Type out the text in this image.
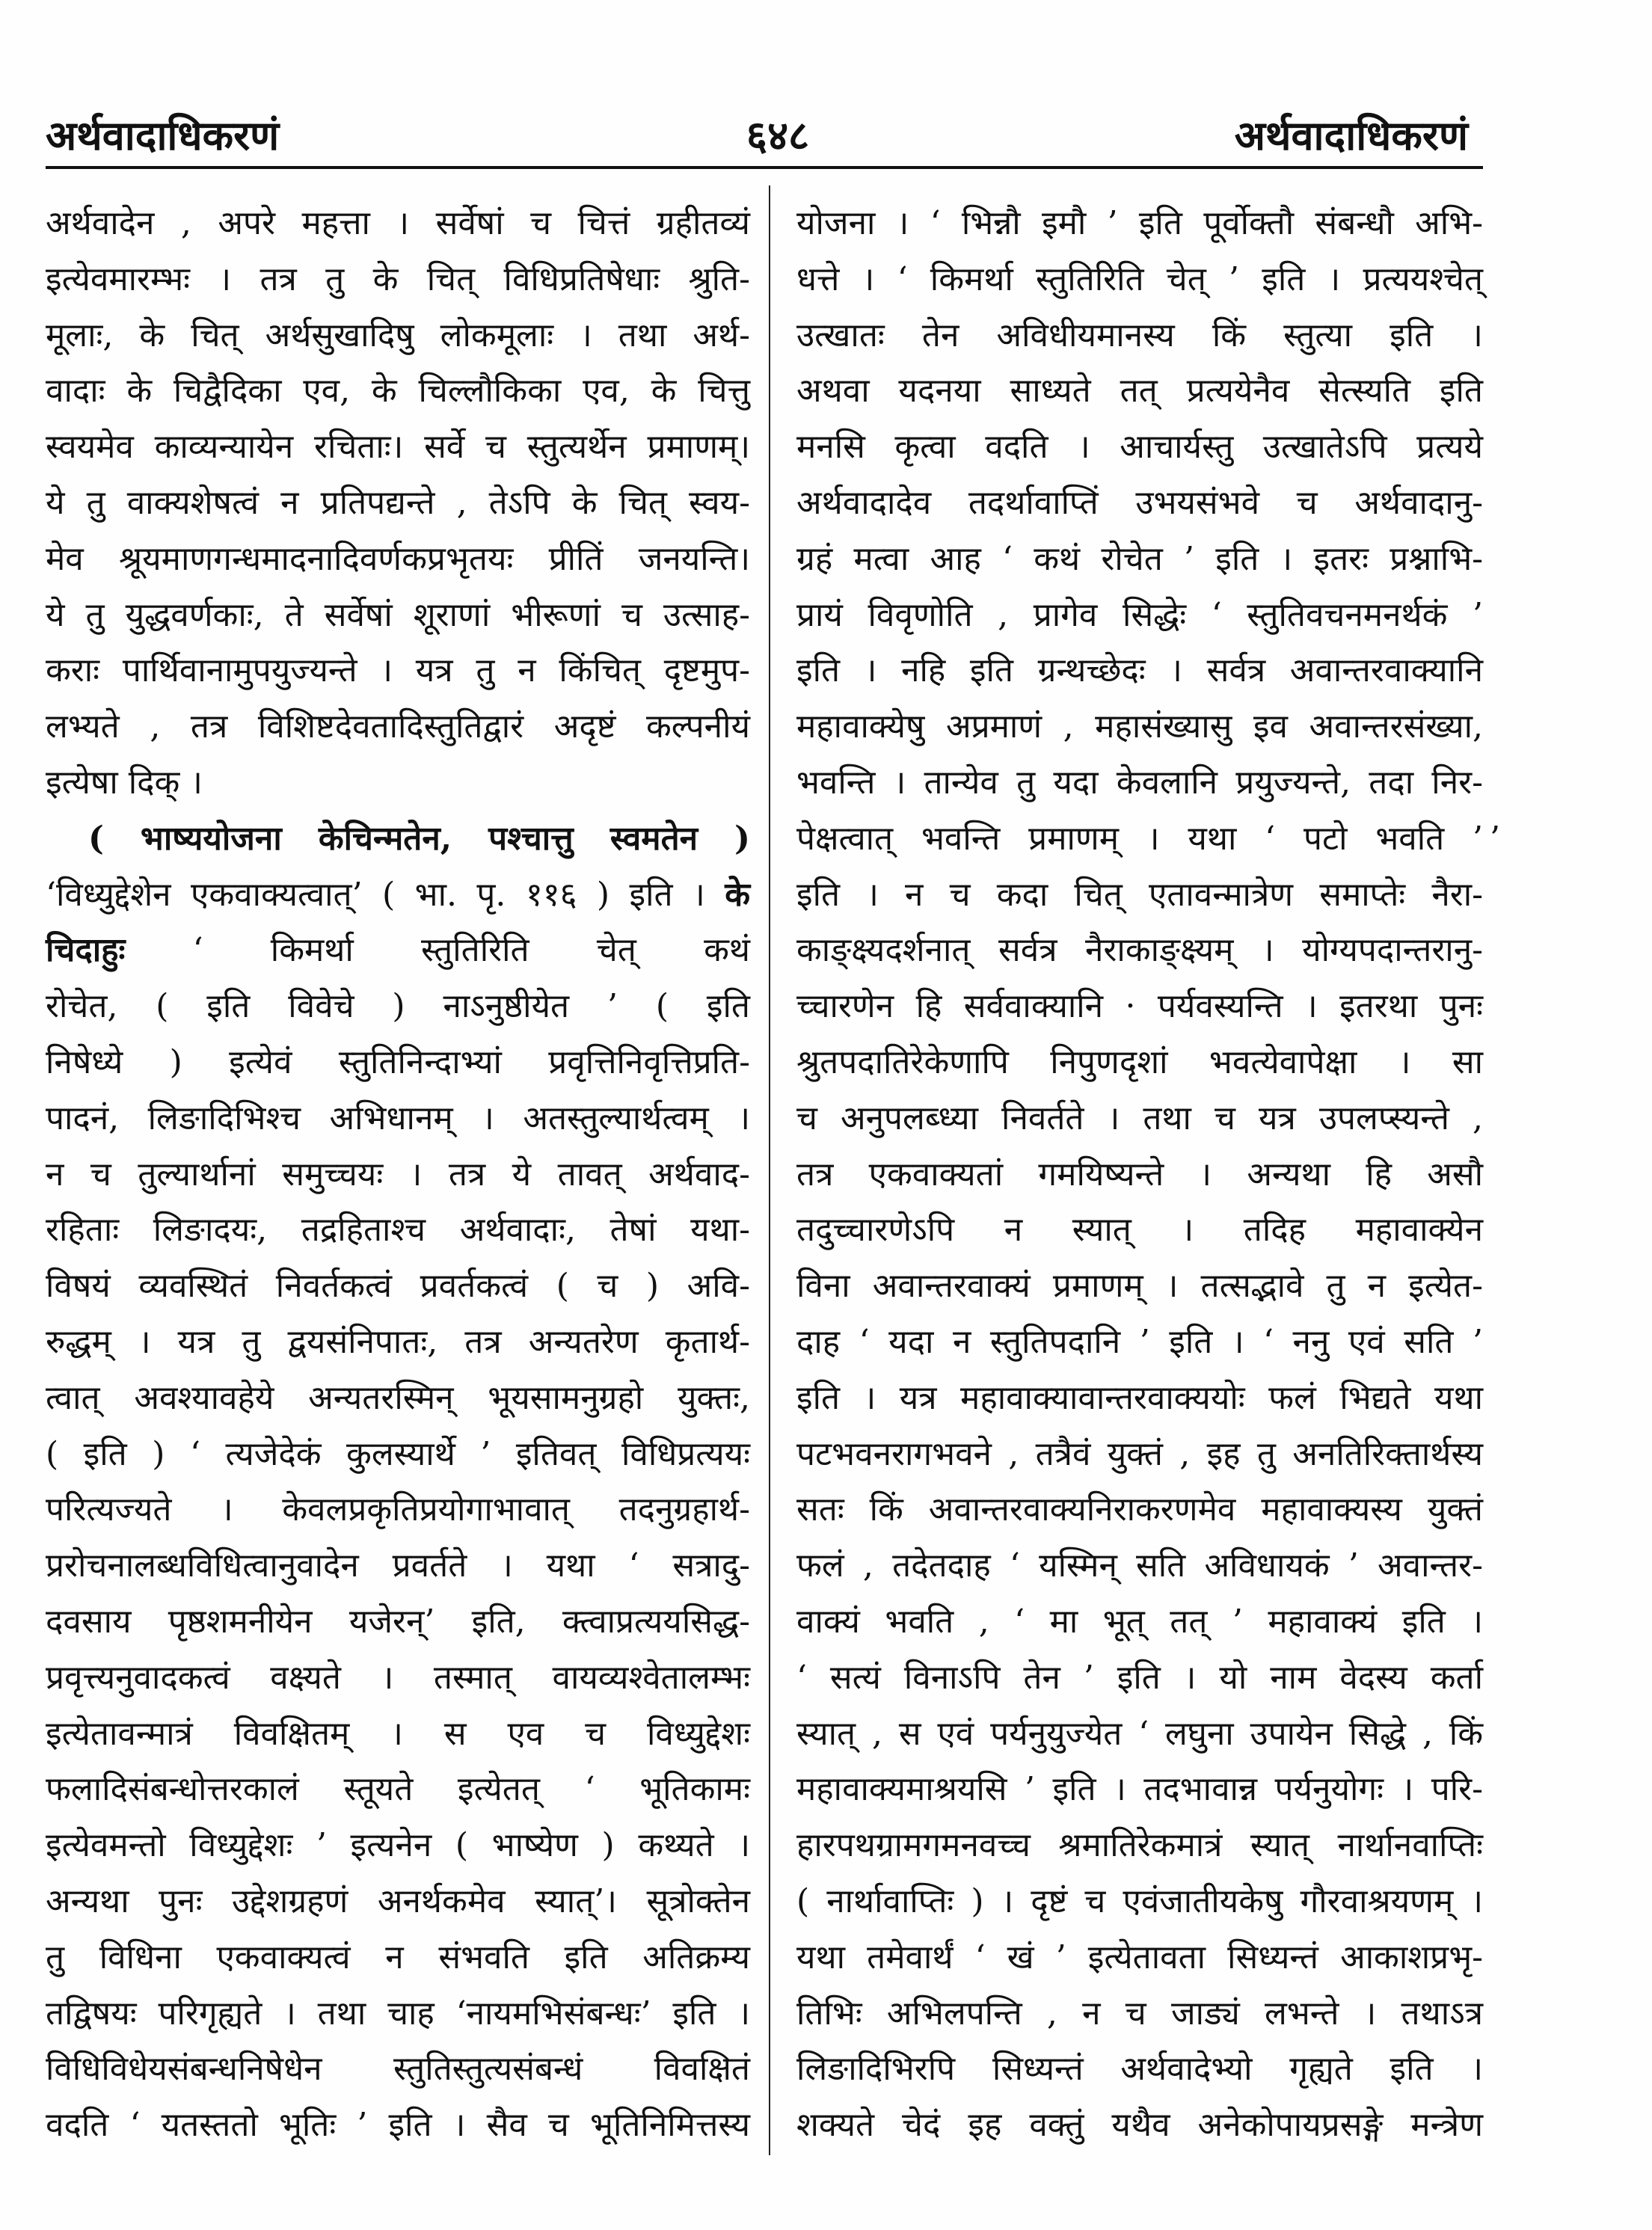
अर्थवादाधिकरणं	६४८	अर्थवादाधिकरणं
अर्थवादेन , अपरे महत्ता । सर्वेषां च चित्तं ग्रहीतव्यं
इत्येवमारम्भः । तत्र तु के चित् विधिप्रतिषेधाः श्रुति-
मूलाः, के चित् अर्थसुखादिषु लोकमूलाः । तथा अर्थ-
वादाः के चिद्वैदिका एव, के चिल्लौकिका एव, के चित्तु
स्वयमेव काव्यन्यायेन रचिताः। सर्वे च स्तुत्यर्थेन प्रमाणम्।
ये तु वाक्यशेषत्वं न प्रतिपद्यन्ते , तेऽपि के चित् स्वय-
मेव श्रूयमाणगन्धमादनादिवर्णकप्रभृतयः प्रीतिं जनयन्ति।
ये तु युद्धवर्णकाः, ते सर्वेषां शूराणां भीरूणां च उत्साह-
कराः पार्थिवानामुपयुज्यन्ते । यत्र तु न किंचित् दृष्टमुप-
लभ्यते , तत्र विशिष्टदेवतादिस्तुतिद्वारं अदृष्टं कल्पनीयं
इत्येषा दिक् ।
( भाष्ययोजना केचिन्मतेन, पश्चात्तु स्वमतेन )
‘विध्युद्देशेन एकवाक्यत्वात्’ ( भा. पृ. ११६ ) इति । के
चिदाहुः ‘ किमर्था स्तुतिरिति चेत् कथं
रोचेत, ( इति विवेचे ) नाऽनुष्ठीयेत ’ ( इति
निषेध्ये ) इत्येवं स्तुतिनिन्दाभ्यां प्रवृत्तिनिवृत्तिप्रति-
पादनं, लिङादिभिश्च अभिधानम् । अतस्तुल्यार्थत्वम् ।
न च तुल्यार्थानां समुच्चयः । तत्र ये तावत् अर्थवाद-
रहिताः लिङादयः, तद्रहिताश्च अर्थवादाः, तेषां यथा-
विषयं व्यवस्थितं निवर्तकत्वं प्रवर्तकत्वं ( च ) अवि-
रुद्धम् । यत्र तु द्वयसंनिपातः, तत्र अन्यतरेण कृतार्थ-
त्वात् अवश्यावहेये अन्यतरस्मिन् भूयसामनुग्रहो युक्तः,
( इति ) ‘ त्यजेदेकं कुलस्यार्थे ’ इतिवत् विधिप्रत्ययः
परित्यज्यते । केवलप्रकृतिप्रयोगाभावात् तदनुग्रहार्थ-
प्ररोचनालब्धविधित्वानुवादेन प्रवर्तते । यथा ‘ सत्रादु-
दवसाय पृष्ठशमनीयेन यजेरन्’ इति, क्त्वाप्रत्ययसिद्ध-
प्रवृत्त्यनुवादकत्वं वक्ष्यते । तस्मात् वायव्यश्वेतालम्भः
इत्येतावन्मात्रं विवक्षितम् । स एव च विध्युद्देशः
फलादिसंबन्धोत्तरकालं स्तूयते इत्येतत् ‘ भूतिकामः
इत्येवमन्तो विध्युद्देशः ’ इत्यनेन ( भाष्येण ) कथ्यते ।
अन्यथा पुनः उद्देशग्रहणं अनर्थकमेव स्यात्’। सूत्रोक्तेन
तु विधिना एकवाक्यत्वं न संभवति इति अतिक्रम्य
तद्विषयः परिगृह्यते । तथा चाह ‘नायमभिसंबन्धः’ इति ।
विधिविधेयसंबन्धनिषेधेन स्तुतिस्तुत्यसंबन्धं विवक्षितं
वदति ‘ यतस्ततो भूतिः ’ इति । सैव च भूतिनिमित्तस्य
योजना । ‘ भिन्नौ इमौ ’ इति पूर्वोक्तौ संबन्धौ अभि-
धत्ते । ‘ किमर्था स्तुतिरिति चेत् ’ इति । प्रत्ययश्चेत्
उत्खातः तेन अविधीयमानस्य किं स्तुत्या इति ।
अथवा यदनया साध्यते तत् प्रत्ययेनैव सेत्स्यति इति
मनसि कृत्वा वदति । आचार्यस्तु उत्खातेऽपि प्रत्यये
अर्थवादादेव तदर्थावाप्तिं उभयसंभवे च अर्थवादानु-
ग्रहं मत्वा आह ‘ कथं रोचेत ’ इति । इतरः प्रश्नाभि-
प्रायं विवृणोति , प्रागेव सिद्धेः ‘ स्तुतिवचनमनर्थकं ’
इति । नहि इति ग्रन्थच्छेदः । सर्वत्र अवान्तरवाक्यानि
महावाक्येषु अप्रमाणं , महासंख्यासु इव अवान्तरसंख्या,
भवन्ति । तान्येव तु यदा केवलानि प्रयुज्यन्ते, तदा निर-
पेक्षत्वात् भवन्ति प्रमाणम् । यथा ‘ पटो भवति ’
इति । न च कदा चित् एतावन्मात्रेण समाप्तेः नैरा-
काङ्क्ष्यदर्शनात् सर्वत्र नैराकाङ्क्ष्यम् । योग्यपदान्तरानु-
च्चारणेन हि सर्ववाक्यानि · पर्यवस्यन्ति । इतरथा पुनः
श्रुतपदातिरेकेणापि निपुणदृशां भवत्येवापेक्षा । सा
च अनुपलब्ध्या निवर्तते । तथा च यत्र उपलप्स्यन्ते ,
तत्र एकवाक्यतां गमयिष्यन्ते । अन्यथा हि असौ
तदुच्चारणेऽपि न स्यात् । तदिह महावाक्येन
विना अवान्तरवाक्यं प्रमाणम् । तत्सद्भावे तु न इत्येत-
दाह ‘ यदा न स्तुतिपदानि ’ इति । ‘ ननु एवं सति ’
इति । यत्र महावाक्यावान्तरवाक्ययोः फलं भिद्यते यथा
पटभवनरागभवने , तत्रैवं युक्तं , इह तु अनतिरिक्तार्थस्य
सतः किं अवान्तरवाक्यनिराकरणमेव महावाक्यस्य युक्तं
फलं , तदेतदाह ‘ यस्मिन् सति अविधायकं ’ अवान्तर-
वाक्यं भवति , ‘ मा भूत् तत् ’ महावाक्यं इति ।
‘ सत्यं विनाऽपि तेन ’ इति । यो नाम वेदस्य कर्ता
स्यात् , स एवं पर्यनुयुज्येत ‘ लघुना उपायेन सिद्धे , किं
महावाक्यमाश्रयसि ’ इति । तदभावान्न पर्यनुयोगः । परि-
हारपथग्रामगमनवच्च श्रमातिरेकमात्रं स्यात् नार्थानवाप्तिः
( नार्थावाप्तिः ) । दृष्टं च एवंजातीयकेषु गौरवाश्रयणम् ।
यथा तमेवार्थं ‘ खं ’ इत्येतावता सिध्यन्तं आकाशप्रभृ-
तिभिः अभिलपन्ति , न च जाड्यं लभन्ते । तथाऽत्र
लिङादिभिरपि सिध्यन्तं अर्थवादेभ्यो गृह्यते इति ।
शक्यते चेदं इह वक्तुं यथैव अनेकोपायप्रसङ्गे मन्त्रेण
’
